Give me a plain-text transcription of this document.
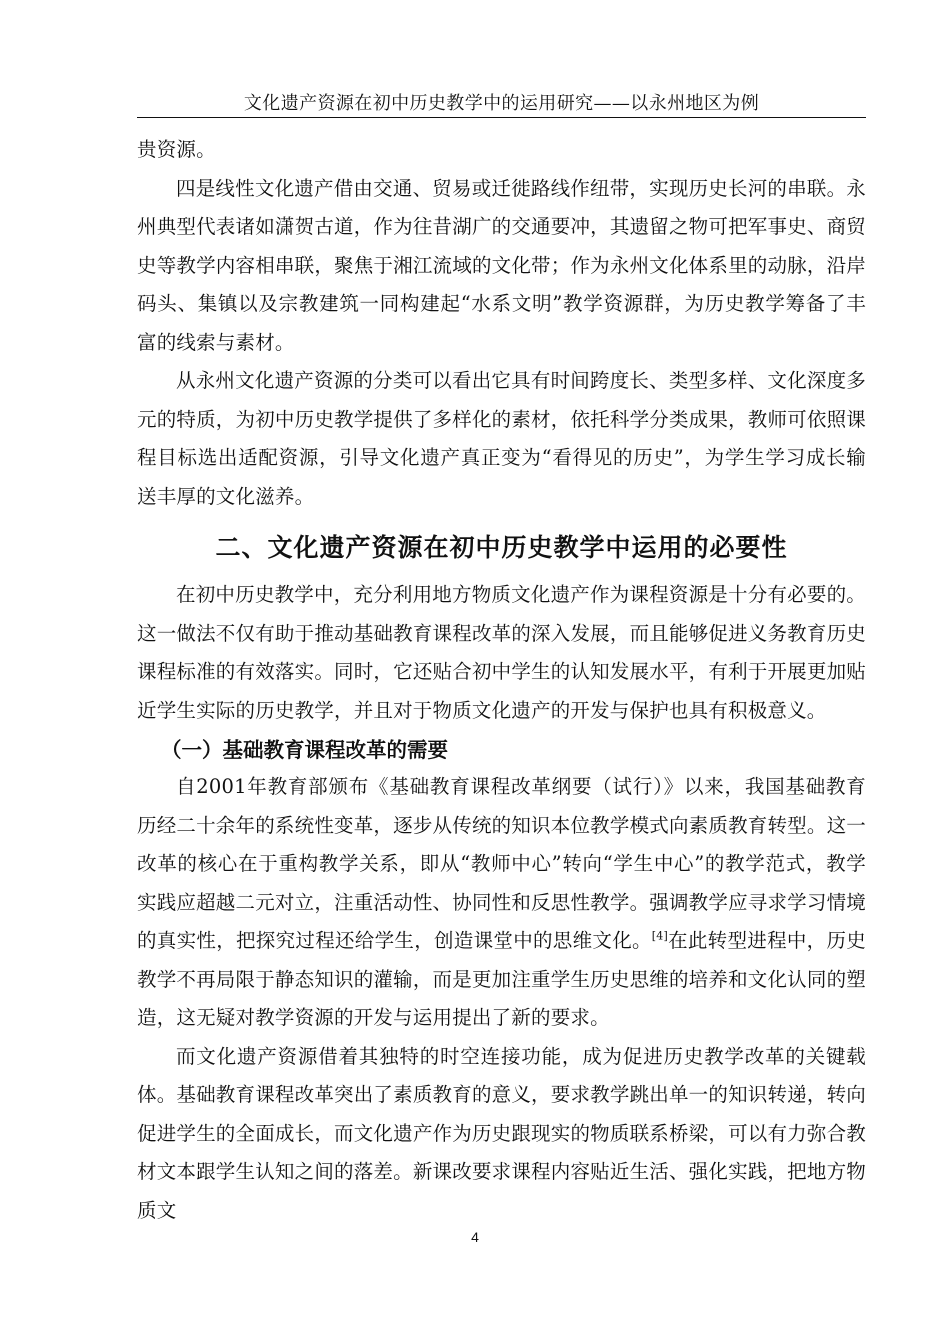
文化遗产资源在初中历史教学中的运用研究——以永州地区为例

贵资源。

四是线性文化遗产借由交通、贸易或迁徙路线作纽带，实现历史长河的串联。永州典型代表诸如潇贺古道，作为往昔湖广的交通要冲，其遗留之物可把军事史、商贸史等教学内容相串联，聚焦于湘江流域的文化带；作为永州文化体系里的动脉，沿岸码头、集镇以及宗教建筑一同构建起“水系文明”教学资源群，为历史教学筹备了丰富的线索与素材。

从永州文化遗产资源的分类可以看出它具有时间跨度长、类型多样、文化深度多元的特质，为初中历史教学提供了多样化的素材，依托科学分类成果，教师可依照课程目标选出适配资源，引导文化遗产真正变为“看得见的历史”，为学生学习成长输送丰厚的文化滋养。

二、文化遗产资源在初中历史教学中运用的必要性

在初中历史教学中，充分利用地方物质文化遗产作为课程资源是十分有必要的。这一做法不仅有助于推动基础教育课程改革的深入发展，而且能够促进义务教育历史课程标准的有效落实。同时，它还贴合初中学生的认知发展水平，有利于开展更加贴近学生实际的历史教学，并且对于物质文化遗产的开发与保护也具有积极意义。

（一）基础教育课程改革的需要

自2001年教育部颁布《基础教育课程改革纲要（试行）》以来，我国基础教育历经二十余年的系统性变革，逐步从传统的知识本位教学模式向素质教育转型。这一改革的核心在于重构教学关系，即从“教师中心”转向“学生中心”的教学范式，教学实践应超越二元对立，注重活动性、协同性和反思性教学。强调教学应寻求学习情境的真实性，把探究过程还给学生，创造课堂中的思维文化。[4]在此转型进程中，历史教学不再局限于静态知识的灌输，而是更加注重学生历史思维的培养和文化认同的塑造，这无疑对教学资源的开发与运用提出了新的要求。

而文化遗产资源借着其独特的时空连接功能，成为促进历史教学改革的关键载体。基础教育课程改革突出了素质教育的意义，要求教学跳出单一的知识转递，转向促进学生的全面成长，而文化遗产作为历史跟现实的物质联系桥梁，可以有力弥合教材文本跟学生认知之间的落差。新课改要求课程内容贴近生活、强化实践，把地方物质文

4
